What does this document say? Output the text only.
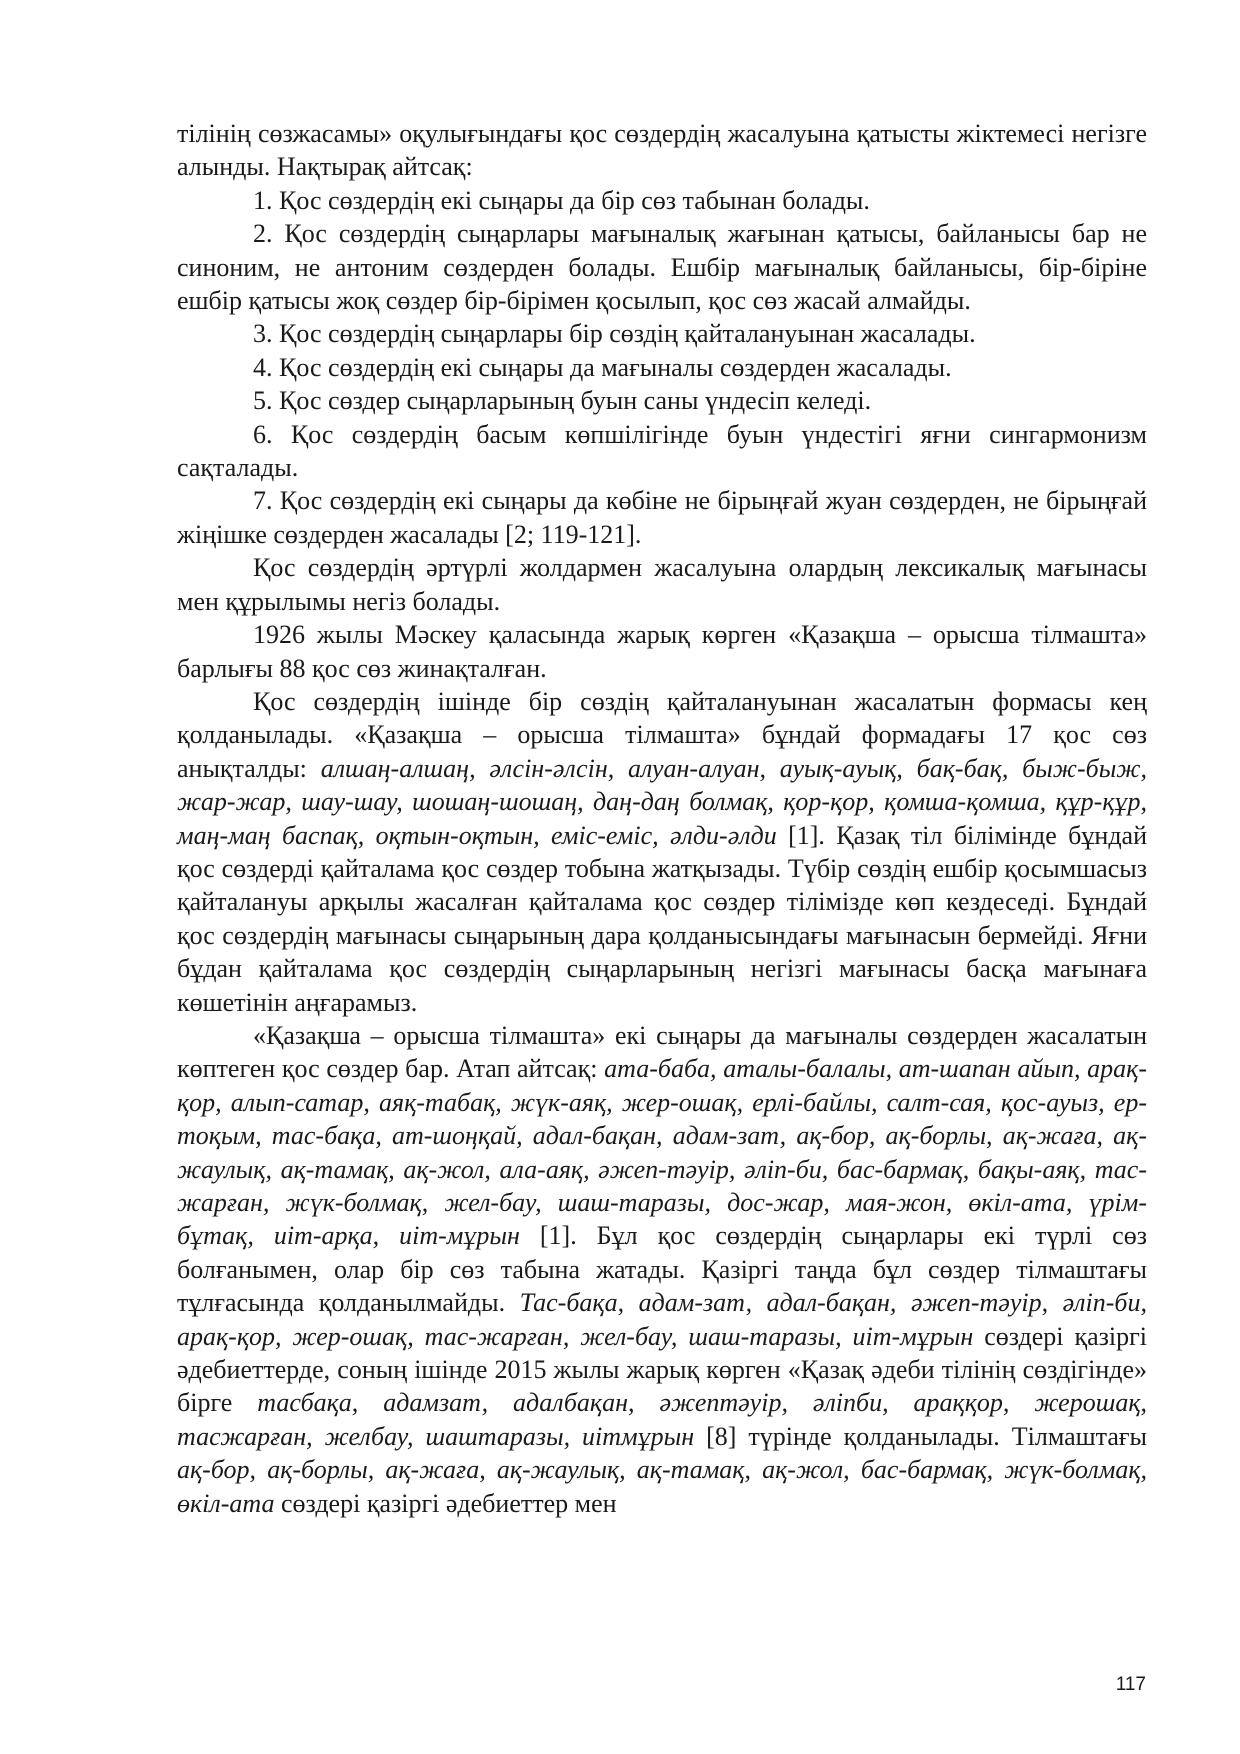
тілінің сөзжасамы» оқулығындағы қос сөздердің жасалуына қатысты жіктемесі негізге алынды. Нақтырақ айтсақ:

1. Қос сөздердің екі сыңары да бір сөз табынан болады.

2. Қос сөздердің сыңарлары мағыналық жағынан қатысы, байланысы бар не синоним, не антоним сөздерден болады. Ешбір мағыналық байланысы, бір-біріне ешбір қатысы жоқ сөздер бір-бірімен қосылып, қос сөз жасай алмайды.

3. Қос сөздердің сыңарлары бір сөздің қайталануынан жасалады.

4. Қос сөздердің екі сыңары да мағыналы сөздерден жасалады.

5. Қос сөздер сыңарларының буын саны үндесіп келеді.

6. Қос сөздердің басым көпшілігінде буын үндестігі яғни сингармонизм сақталады.

7. Қос сөздердің екі сыңары да көбіне не бірыңғай жуан сөздерден, не бірыңғай жіңішке сөздерден жасалады [2; 119-121].

Қос сөздердің әртүрлі жолдармен жасалуына олардың лексикалық мағынасы мен құрылымы негіз болады.

1926 жылы Мәскеу қаласында жарық көрген «Қазақша – орысша тілмашта» барлығы 88 қос сөз жинақталған.

Қос сөздердің ішінде бір сөздің қайталануынан жасалатын формасы кең қолданылады. «Қазақша – орысша тілмашта» бұндай формадағы 17 қос сөз анықталды: алшаң-алшаң, әлсін-әлсін, алуан-алуан, ауық-ауық, бақ-бақ, быж-быж, жар-жар, шау-шау, шошаң-шошаң, даң-даң болмақ, қор-қор, қомша-қомша, құр-құр, маң-маң баспақ, оқтын-оқтын, еміс-еміс, әлди-әлди [1]. Қазақ тіл білімінде бұндай қос сөздерді қайталама қос сөздер тобына жатқызады. Түбір сөздің ешбір қосымшасыз қайталануы арқылы жасалған қайталама қос сөздер тілімізде көп кездеседі. Бұндай қос сөздердің мағынасы сыңарының дара қолданысындағы мағынасын бермейді. Яғни бұдан қайталама қос сөздердің сыңарларының негізгі мағынасы басқа мағынаға көшетінін аңғарамыз.

«Қазақша – орысша тілмашта» екі сыңары да мағыналы сөздерден жасалатын көптеген қос сөздер бар. Атап айтсақ: ата-баба, аталы-балалы, ат-шапан айып, арақ-қор, алып-сатар, аяқ-табақ, жүк-аяқ, жер-ошақ, ерлі-байлы, салт-сая, қос-ауыз, ер-тоқым, тас-бақа, ат-шоңқай, адал-бақан, адам-зат, ақ-бор, ақ-борлы, ақ-жаға, ақ-жаулық, ақ-тамақ, ақ-жол, ала-аяқ, әжеп-тәуір, әліп-би, бас-бармақ, бақы-аяқ, тас-жарған, жүк-болмақ, жел-бау, шаш-таразы, дос-жар, мая-жон, өкіл-ата, үрім-бұтақ, иіт-арқа, иіт-мұрын [1]. Бұл қос сөздердің сыңарлары екі түрлі сөз болғанымен, олар бір сөз табына жатады. Қазіргі таңда бұл сөздер тілмаштағы тұлғасында қолданылмайды. Тас-бақа, адам-зат, адал-бақан, әжеп-тәуір, әліп-би, арақ-қор, жер-ошақ, тас-жарған, жел-бау, шаш-таразы, иіт-мұрын сөздері қазіргі әдебиеттерде, соның ішінде 2015 жылы жарық көрген «Қазақ әдеби тілінің сөздігінде» бірге тасбақа, адамзат, адалбақан, әжептәуір, әліпби, араққор, жерошақ, тасжарған, желбау, шаштаразы, иітмұрын [8] түрінде қолданылады. Тілмаштағы ақ-бор, ақ-борлы, ақ-жаға, ақ-жаулық, ақ-тамақ, ақ-жол, бас-бармақ, жүк-болмақ, өкіл-ата сөздері қазіргі әдебиеттер мен

117
